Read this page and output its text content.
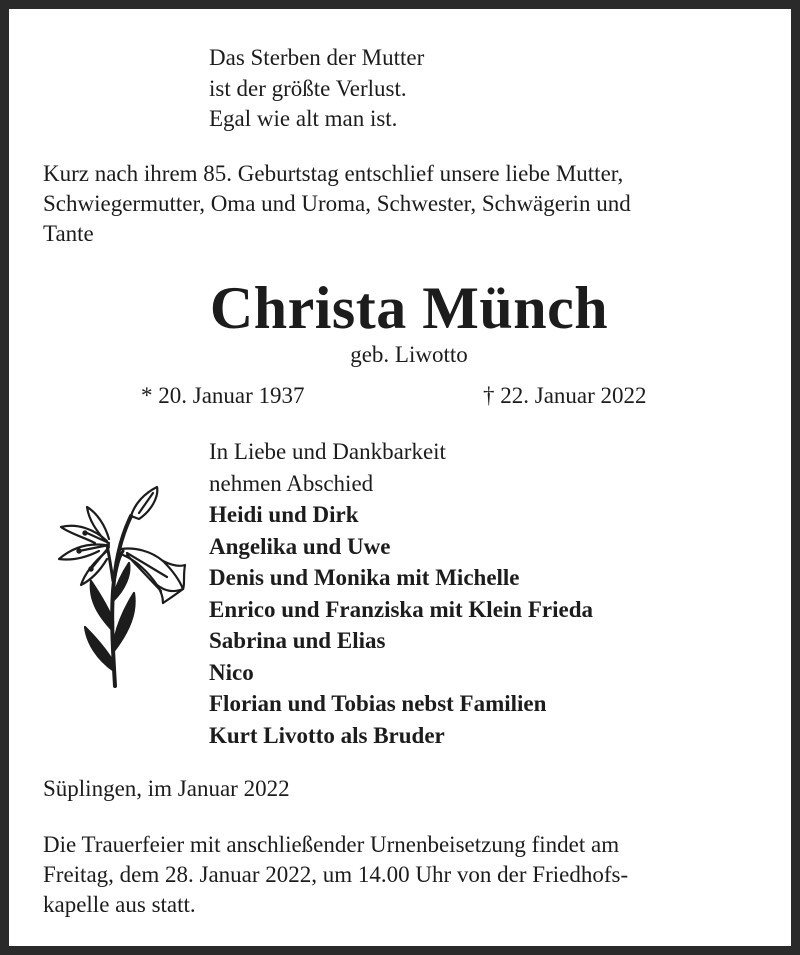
Das Sterben der Mutter
ist der größte Verlust.
Egal wie alt man ist.
Kurz nach ihrem 85. Geburtstag entschlief unsere liebe Mutter,
Schwiegermutter, Oma und Uroma, Schwester, Schwägerin und
Tante
Christa Münch
geb. Liwotto
* 20. Januar 1937	† 22. Januar 2022
In Liebe und Dankbarkeit
nehmen Abschied
Heidi und Dirk
Angelika und Uwe
Denis und Monika mit Michelle
Enrico und Franziska mit Klein Frieda
Sabrina und Elias
Nico
Florian und Tobias nebst Familien
Kurt Livotto als Bruder
Süplingen, im Januar 2022
Die Trauerfeier mit anschließender Urnenbeisetzung findet am
Freitag, dem 28. Januar 2022, um 14.00 Uhr von der Friedhofs-
kapelle aus statt.
